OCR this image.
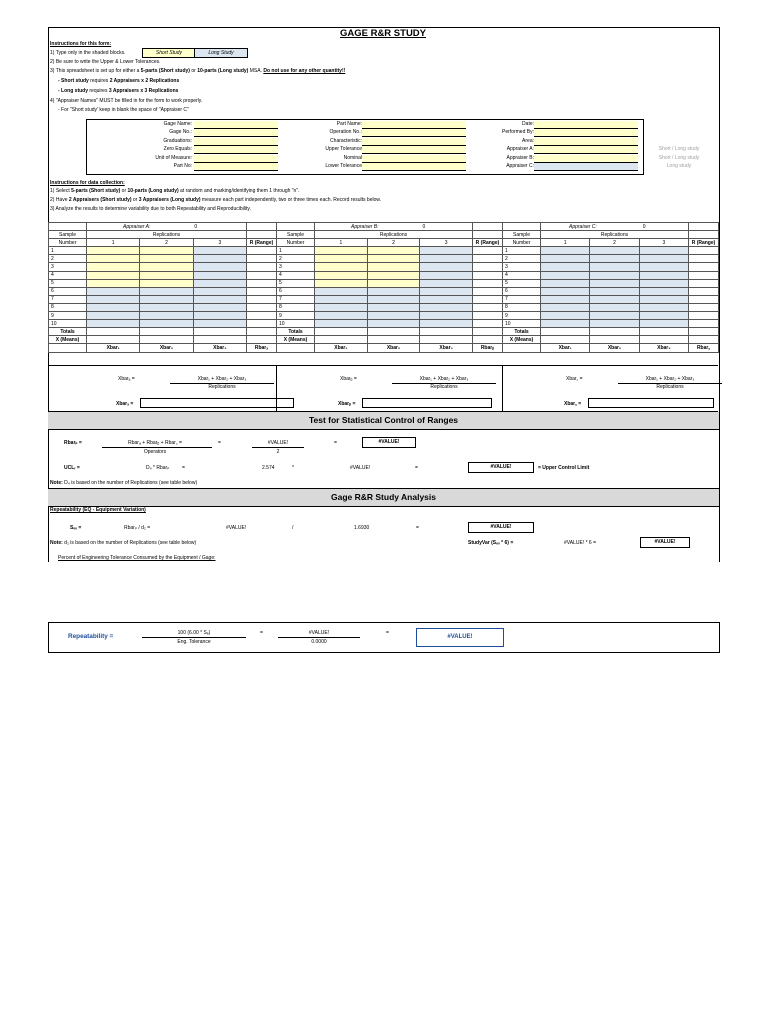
GAGE R&R STUDY
Instructions for this form:
1) Type only in the shaded blocks.	Short Study	Long Study
2) Be sure to write the Upper & Lower Tolerances.
3) This spreadsheet is set up for either a 5-parts (Short study) or 10-parts (Long study) MSA. Do not use for any other quantity!!
- Short study requires 2 Appraisers x 2 Replications
- Long study requires 3 Appraisers x 3 Replications
4) "Appraiser Names" MUST be filled in for the form to work properly.
- For "Short study' keep in blank the space of "Appraiser C"
Gage Name:	Part Name:	Date:
Gage No.:	Operation No.:	Performed By:
Graduations:	Characteristic:	Area:
Zero Equals:	Upper Tolerance	Appraiser A:	Short / Long study
Unit of Measure:	Nominal	Appraiser B:	Short / Long study
Part No:	Lower Tolerance	Appraiser C:	Long study
Instructions for data collection:
1) Select 5-parts (Short study) or 10-parts (Long study) at random and marking/identifying them 1 through "n".
2) Have 2 Appraisers (Short study) or 3 Appraisers (Long study) measure each part independently, two or three times each. Record results below.
3) Analyze the results to determine variability due to both Repeatability and Reproducibility.
	Appraiser A: 0			
Sample	Replications			
Number	1	2	3	R (Range)
1				
2				
3				
4				
5				
6				
7				
8				
9				
10				
Totals				
X (Means)				
	Xbar₁	Xbar₂	Xbar₃	Rbarₐ
	Appraiser B: 0			
Sample	Replications			
Number	1	2	3	R (Range)
1				
2				
3				
4				
5				
6				
7				
8				
9				
10				
Totals				
X (Means)				
	Xbar₁	Xbar₂	Xbar₃	Rbarᵦ
	Appraiser C: 0			
Sample	Replications			
Number	1	2	3	R (Range)
1				
2				
3				
4				
5				
6				
7				
8				
9				
10				
Totals				
X (Means)				
	Xbar₁	Xbar₂	Xbar₃	Rbar꜀
Xbarₐ =	Xbar₁ + Xbar₂ + Xbar₃
Replications
Xbarₐ =
Xbarᵦ =	Xbar₁ + Xbar₂ + Xbar₃
Replications
Xbarᵦ =
Xbar꜀ =	Xbar₁ + Xbar₂ + Xbar₃
Replications
Xbar꜀ =
Test for Statistical Control of Ranges
Rbarₚ =	Rbarₐ + Rbarᵦ + Rbar꜀ =
Operators
=	#VALUE!
2
=	#VALUE!
UCLᵣ =	D₄ * Rbarₚ	=	2.574	*	#VALUE!	=	#VALUE!	= Upper Control Limit
Note: D₄ is based on the number of Replications (see table below)
Gage R&R Study Analysis
Repeatability (EQ - Equipment Variation)
Sₑᵥ =	Rbarₚ / d₂ =	#VALUE!	/	1.6930	=	#VALUE!
Note: d₂ is based on the number of Replications (see table below)	StudyVar (Sₑᵥ * 6) =	#VALUE! * 6 =	#VALUE!
Percent of Engineering Tolerance Consumed by the Equipment / Gage:
Repeatability =	100 (6.00 * Sₑ)
Eng. Tolerance
=	#VALUE!
0.0000
=
#VALUE!
